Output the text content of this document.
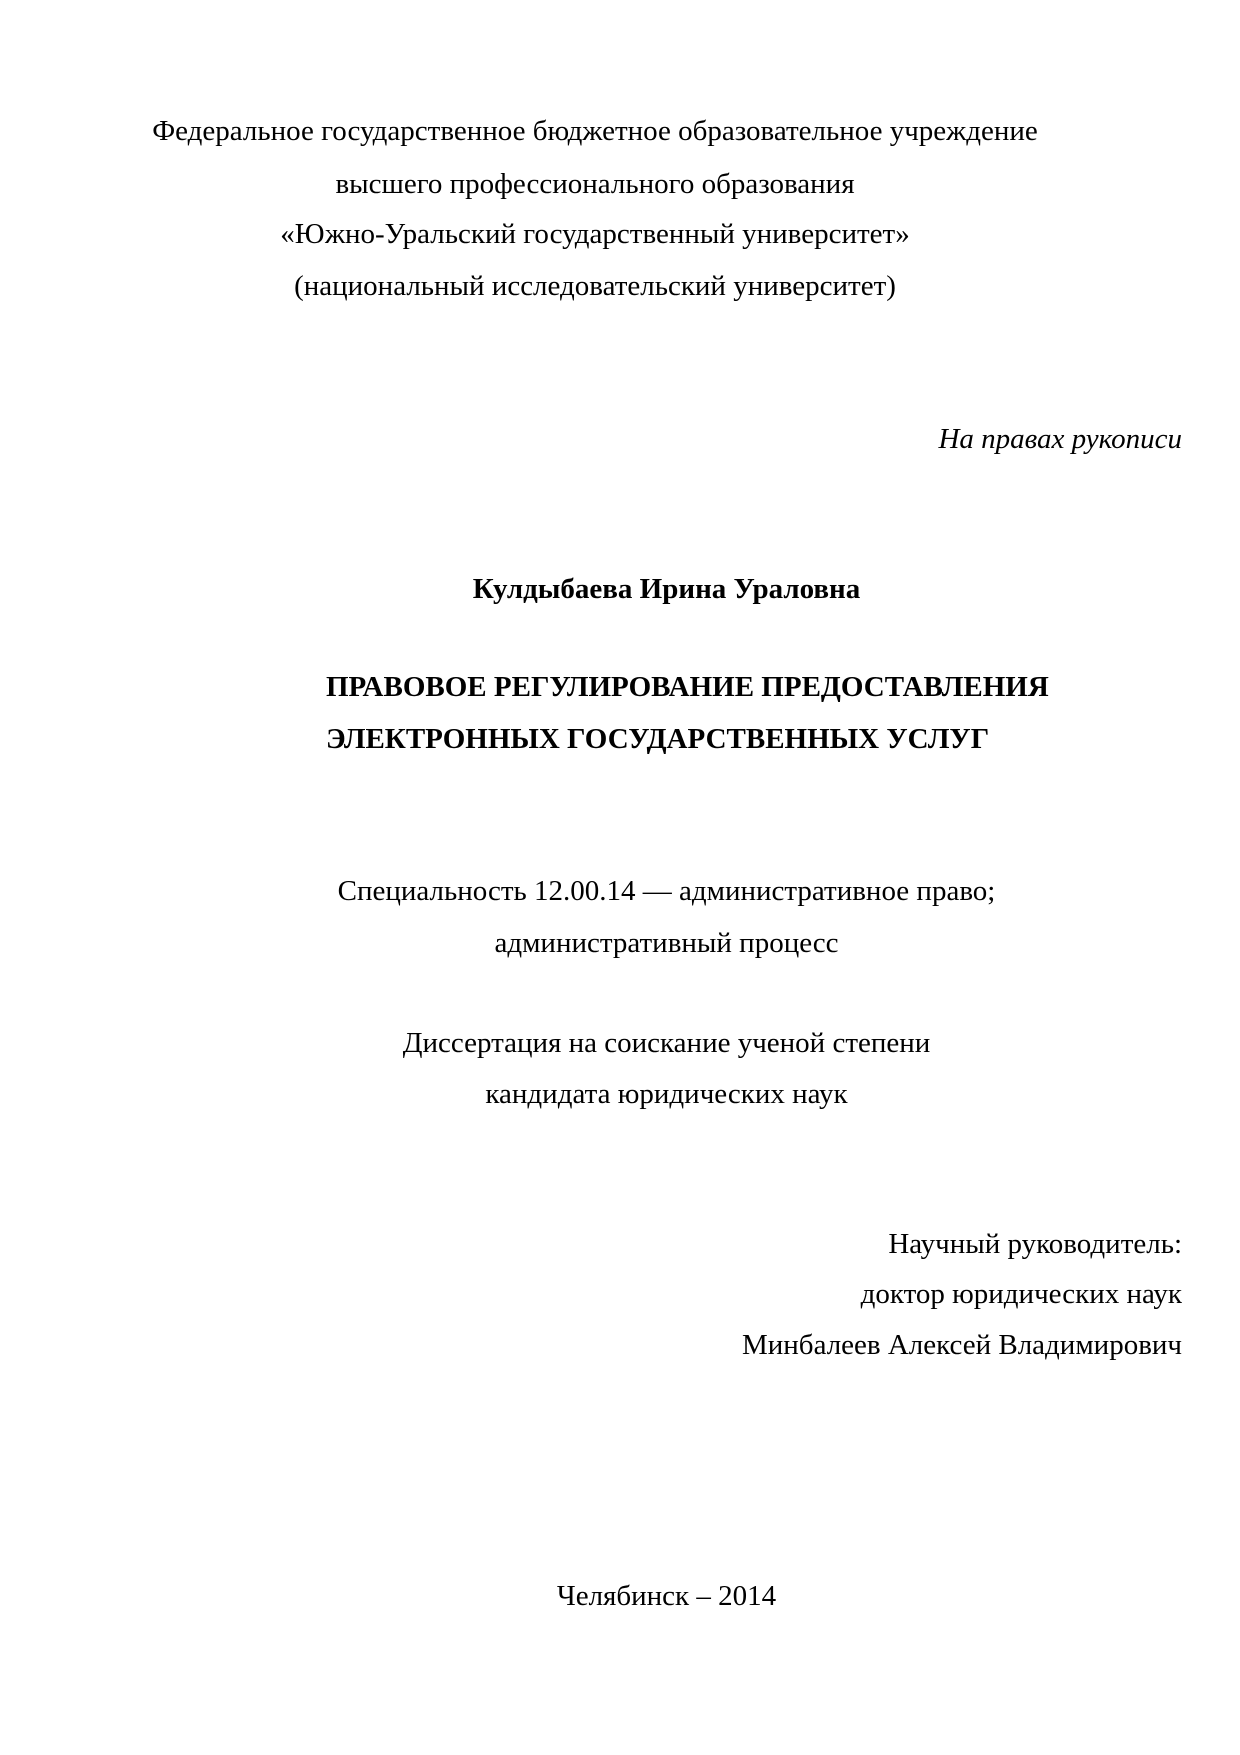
Федеральное государственное бюджетное образовательное учреждение
высшего профессионального образования
«Южно-Уральский государственный университет»
(национальный исследовательский университет)
На правах рукописи
Кулдыбаева Ирина Ураловна
ПРАВОВОЕ РЕГУЛИРОВАНИЕ ПРЕДОСТАВЛЕНИЯ
ЭЛЕКТРОННЫХ ГОСУДАРСТВЕННЫХ УСЛУГ
Специальность 12.00.14 — административное право;
административный процесс
Диссертация на соискание ученой степени
кандидата юридических наук
Научный руководитель:
доктор юридических наук
Минбалеев Алексей Владимирович
Челябинск – 2014
